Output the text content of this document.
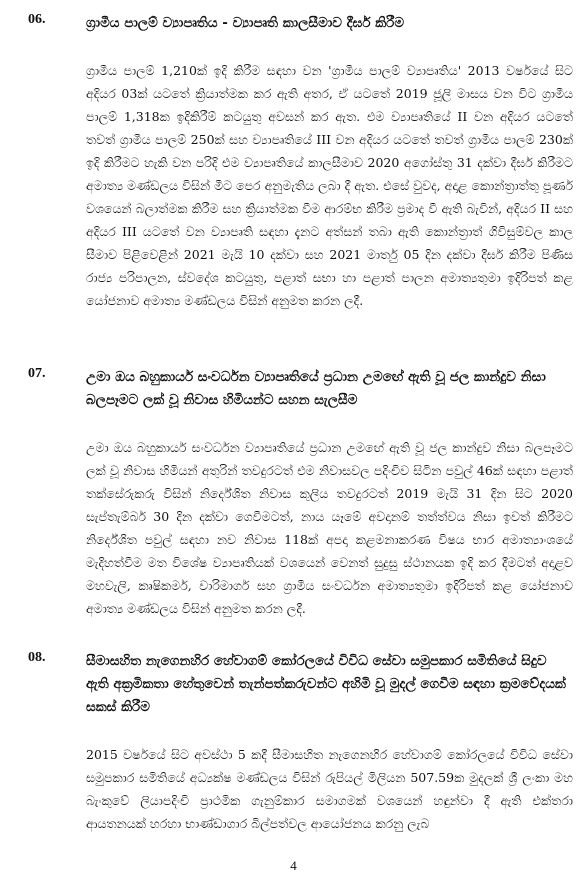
06.	ග්‍රාමීය පාලම් ව්‍යාපෘතිය - ව්‍යාපෘති කාලසීමාව දීර්ඝ කිරීම
ග්‍රාමීය පාලම් 1,210ක් ඉදි කිරීම සඳහා වන 'ග්‍රාමීය පාලම් ව්‍යාපෘතිය' 2013 වර්ෂයේ සිට අදියර 03ක් යටතේ ක්‍රියාත්මක කර ඇති අතර, ඒ යටතේ 2019 ජූලි මාසය වන විට ග්‍රාමීය පාලම් 1,318ක ඉදිකිරීම් කටයුතු අවසන් කර ඇත. එම ව්‍යාපෘතියේ II වන අදියර යටතේ තවත් ග්‍රාමීය පාලම් 250ක් සහ ව්‍යාපෘතියේ III වන අදියර යටතේ තවත් ග්‍රාමීය පාලම් 230ක් ඉදි කිරීමට හැකි වන පරිදි එම ව්‍යාපෘතියේ කාලසීමාව 2020 අගෝස්තු 31 දක්වා දීර්ඝ කිරීමට අමාත්‍ය මණ්ඩලය විසින් මීට පෙර අනුමැතිය ලබා දී ඇත. එසේ වුවද, අදාළ කොන්ත්‍රාත්තු පූර්ණ වශයෙන් බලාත්මක කිරීම සහ ක්‍රියාත්මක වීම ආරම්භ කිරීම ප්‍රමාද වී ඇති බැවින්, අදියර II සහ අදියර III යටතේ වන ව්‍යාපෘති සඳහා දැනට අත්සන් තබා ඇති කොන්ත්‍රාත් ගිවිසුම්වල කාල සීමාව පිළිවෙළින් 2021 මැයි 10 දක්වා සහ 2021 මාර්තු 05 දින දක්වා දීර්ඝ කිරීම පිණිස රාජ්‍ය පරිපාලන, ස්වදේශ කටයුතු, පළාත් සභා හා පළාත් පාලන අමාත්‍යතුමා ඉදිරිපත් කළ යෝජනාව අමාත්‍ය මණ්ඩලය විසින් අනුමත කරන ලදී.
07.	උමා ඔය බහුකාර්ය සංවර්ධන ව්‍යාපෘතියේ ප්‍රධාන උමඟේ ඇති වූ ජල කාන්දුව නිසා බලපෑමට ලක් වූ නිවාස හිමියන්ට සහන සැලසීම
උමා ඔය බහුකාර්ය සංවර්ධන ව්‍යාපෘතියේ ප්‍රධාන උමඟේ ඇති වූ ජල කාන්දුව නිසා බලපෑමට ලක් වූ නිවාස හිමියන් අතුරින් තවදුරටත් එම නිවාසවල පදිංචිව සිටින පවුල් 46ක් සඳහා පළාත් තක්සේරුකරු විසින් නිර්දේශිත නිවාස කුලිය තවදුරටත් 2019 මැයි 31 දින සිට 2020 සැප්තැම්බර් 30 දින දක්වා ගෙවීමටත්, නාය යෑමේ අවදානම් තත්ත්වය නිසා ඉවත් කිරීමට නිර්දේශිත පවුල් සඳහා නව නිවාස 118ක් අපදා කළමනාකරණ විෂය භාර අමාත්‍යාංශයේ මැදිහත්වීම මත විශේෂ ව්‍යාපෘතියක් වශයෙන් වෙනත් සුදුසු ස්ථානයක ඉදි කර දීමටත් අදාළව මහවැලි, කෘෂිකර්ම, වාරිමාර්ග සහ ග්‍රාමීය සංවර්ධන අමාත්‍යතුමා ඉදිරිපත් කළ යෝජනාව අමාත්‍ය මණ්ඩලය විසින් අනුමත කරන ලදී.
08.	සීමාසහිත නැගෙනහිර හේවාගම් කෝරලයේ විවිධ සේවා සමුපකාර සමිතියේ සිදුව ඇති අක්‍රමිකතා හේතුවෙන් තැන්පත්කරුවන්ට අහිමි වූ මුදල් ගෙවීම සඳහා ක්‍රමවේදයක් සකස් කිරීම
2015 වර්ෂයේ සිට අවස්ථා 5 කදී සීමාසහිත නැගෙනහිර හේවාගම් කෝරලයේ විවිධ සේවා සමුපකාර සමිතියේ අධ්‍යක්ෂ මණ්ඩලය විසින් රුපියල් මිලියන 507.59ක මුදලක් ශ්‍රී ලංකා මහ බැංකුවේ ලියාපදිංචි ප්‍රාථමික ගැනුම්කාර සමාගමක් වශයෙන් හඳුන්වා දී ඇති එක්තරා ආයතනයක් හරහා භාණ්ඩාගාර බිල්පත්වල ආයෝජනය කරනු ලැබ
4
